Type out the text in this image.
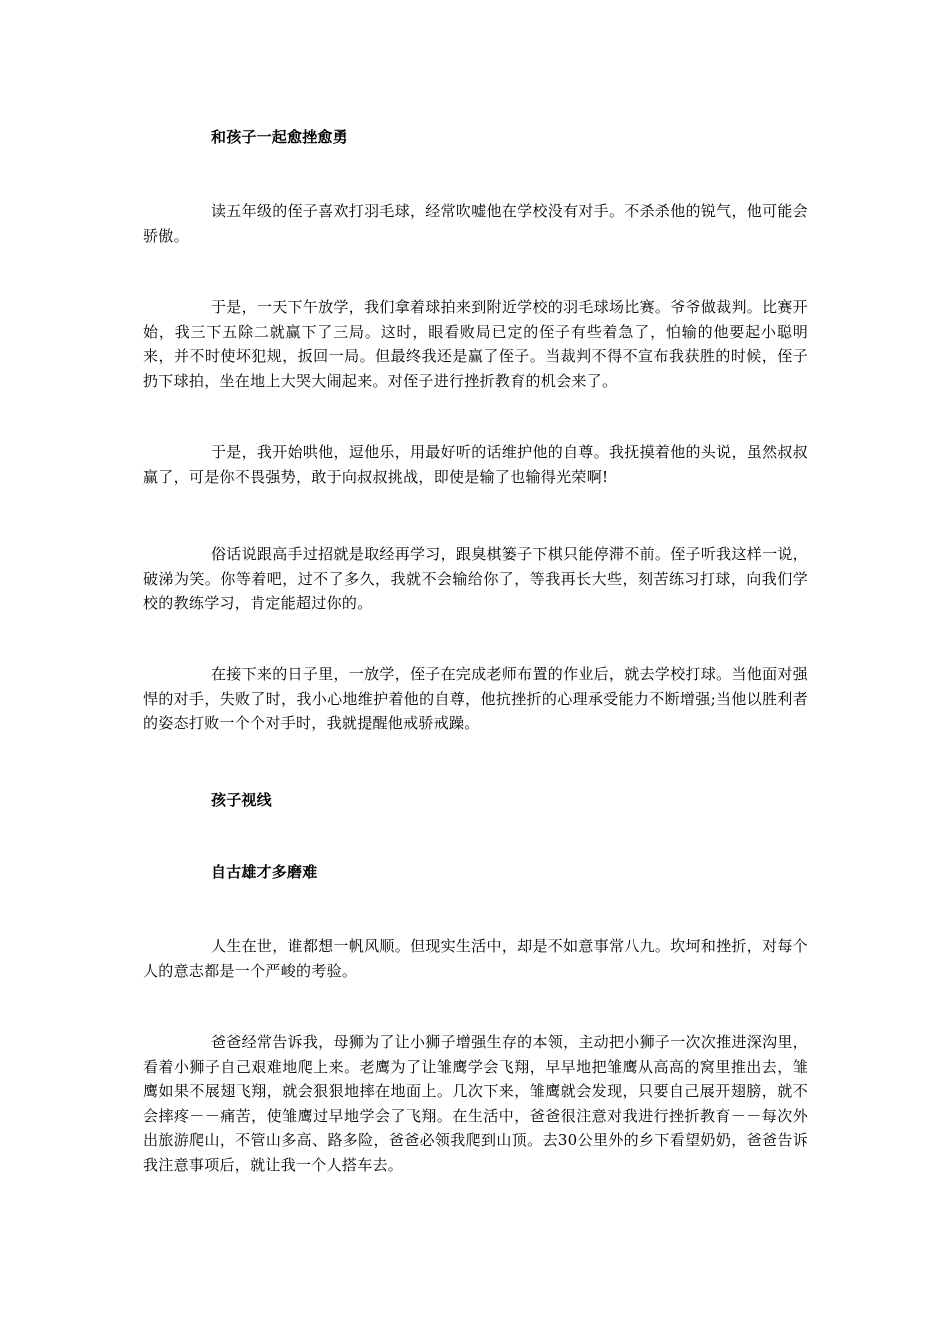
和孩子一起愈挫愈勇

读五年级的侄子喜欢打羽毛球，经常吹嘘他在学校没有对手。不杀杀他的锐气，他可能会骄傲。

于是，一天下午放学，我们拿着球拍来到附近学校的羽毛球场比赛。爷爷做裁判。比赛开始，我三下五除二就赢下了三局。这时，眼看败局已定的侄子有些着急了，怕输的他要起小聪明来，并不时使坏犯规，扳回一局。但最终我还是赢了侄子。当裁判不得不宣布我获胜的时候，侄子扔下球拍，坐在地上大哭大闹起来。对侄子进行挫折教育的机会来了。

于是，我开始哄他，逗他乐，用最好听的话维护他的自尊。我抚摸着他的头说，虽然叔叔赢了，可是你不畏强势，敢于向叔叔挑战，即使是输了也输得光荣啊!

俗话说跟高手过招就是取经再学习，跟臭棋篓子下棋只能停滞不前。侄子听我这样一说，破涕为笑。你等着吧，过不了多久，我就不会输给你了，等我再长大些，刻苦练习打球，向我们学校的教练学习，肯定能超过你的。

在接下来的日子里，一放学，侄子在完成老师布置的作业后，就去学校打球。当他面对强悍的对手，失败了时，我小心地维护着他的自尊，他抗挫折的心理承受能力不断增强;当他以胜利者的姿态打败一个个对手时，我就提醒他戒骄戒躁。

孩子视线
自古雄才多磨难

人生在世，谁都想一帆风顺。但现实生活中，却是不如意事常八九。坎坷和挫折，对每个人的意志都是一个严峻的考验。

爸爸经常告诉我，母狮为了让小狮子增强生存的本领，主动把小狮子一次次推进深沟里，看着小狮子自己艰难地爬上来。老鹰为了让雏鹰学会飞翔，早早地把雏鹰从高高的窝里推出去，雏鹰如果不展翅飞翔，就会狠狠地摔在地面上。几次下来，雏鹰就会发现，只要自己展开翅膀，就不会摔疼－－痛苦，使雏鹰过早地学会了飞翔。在生活中，爸爸很注意对我进行挫折教育－－每次外出旅游爬山，不管山多高、路多险，爸爸必领我爬到山顶。去30公里外的乡下看望奶奶，爸爸告诉我注意事项后，就让我一个人搭车去。
